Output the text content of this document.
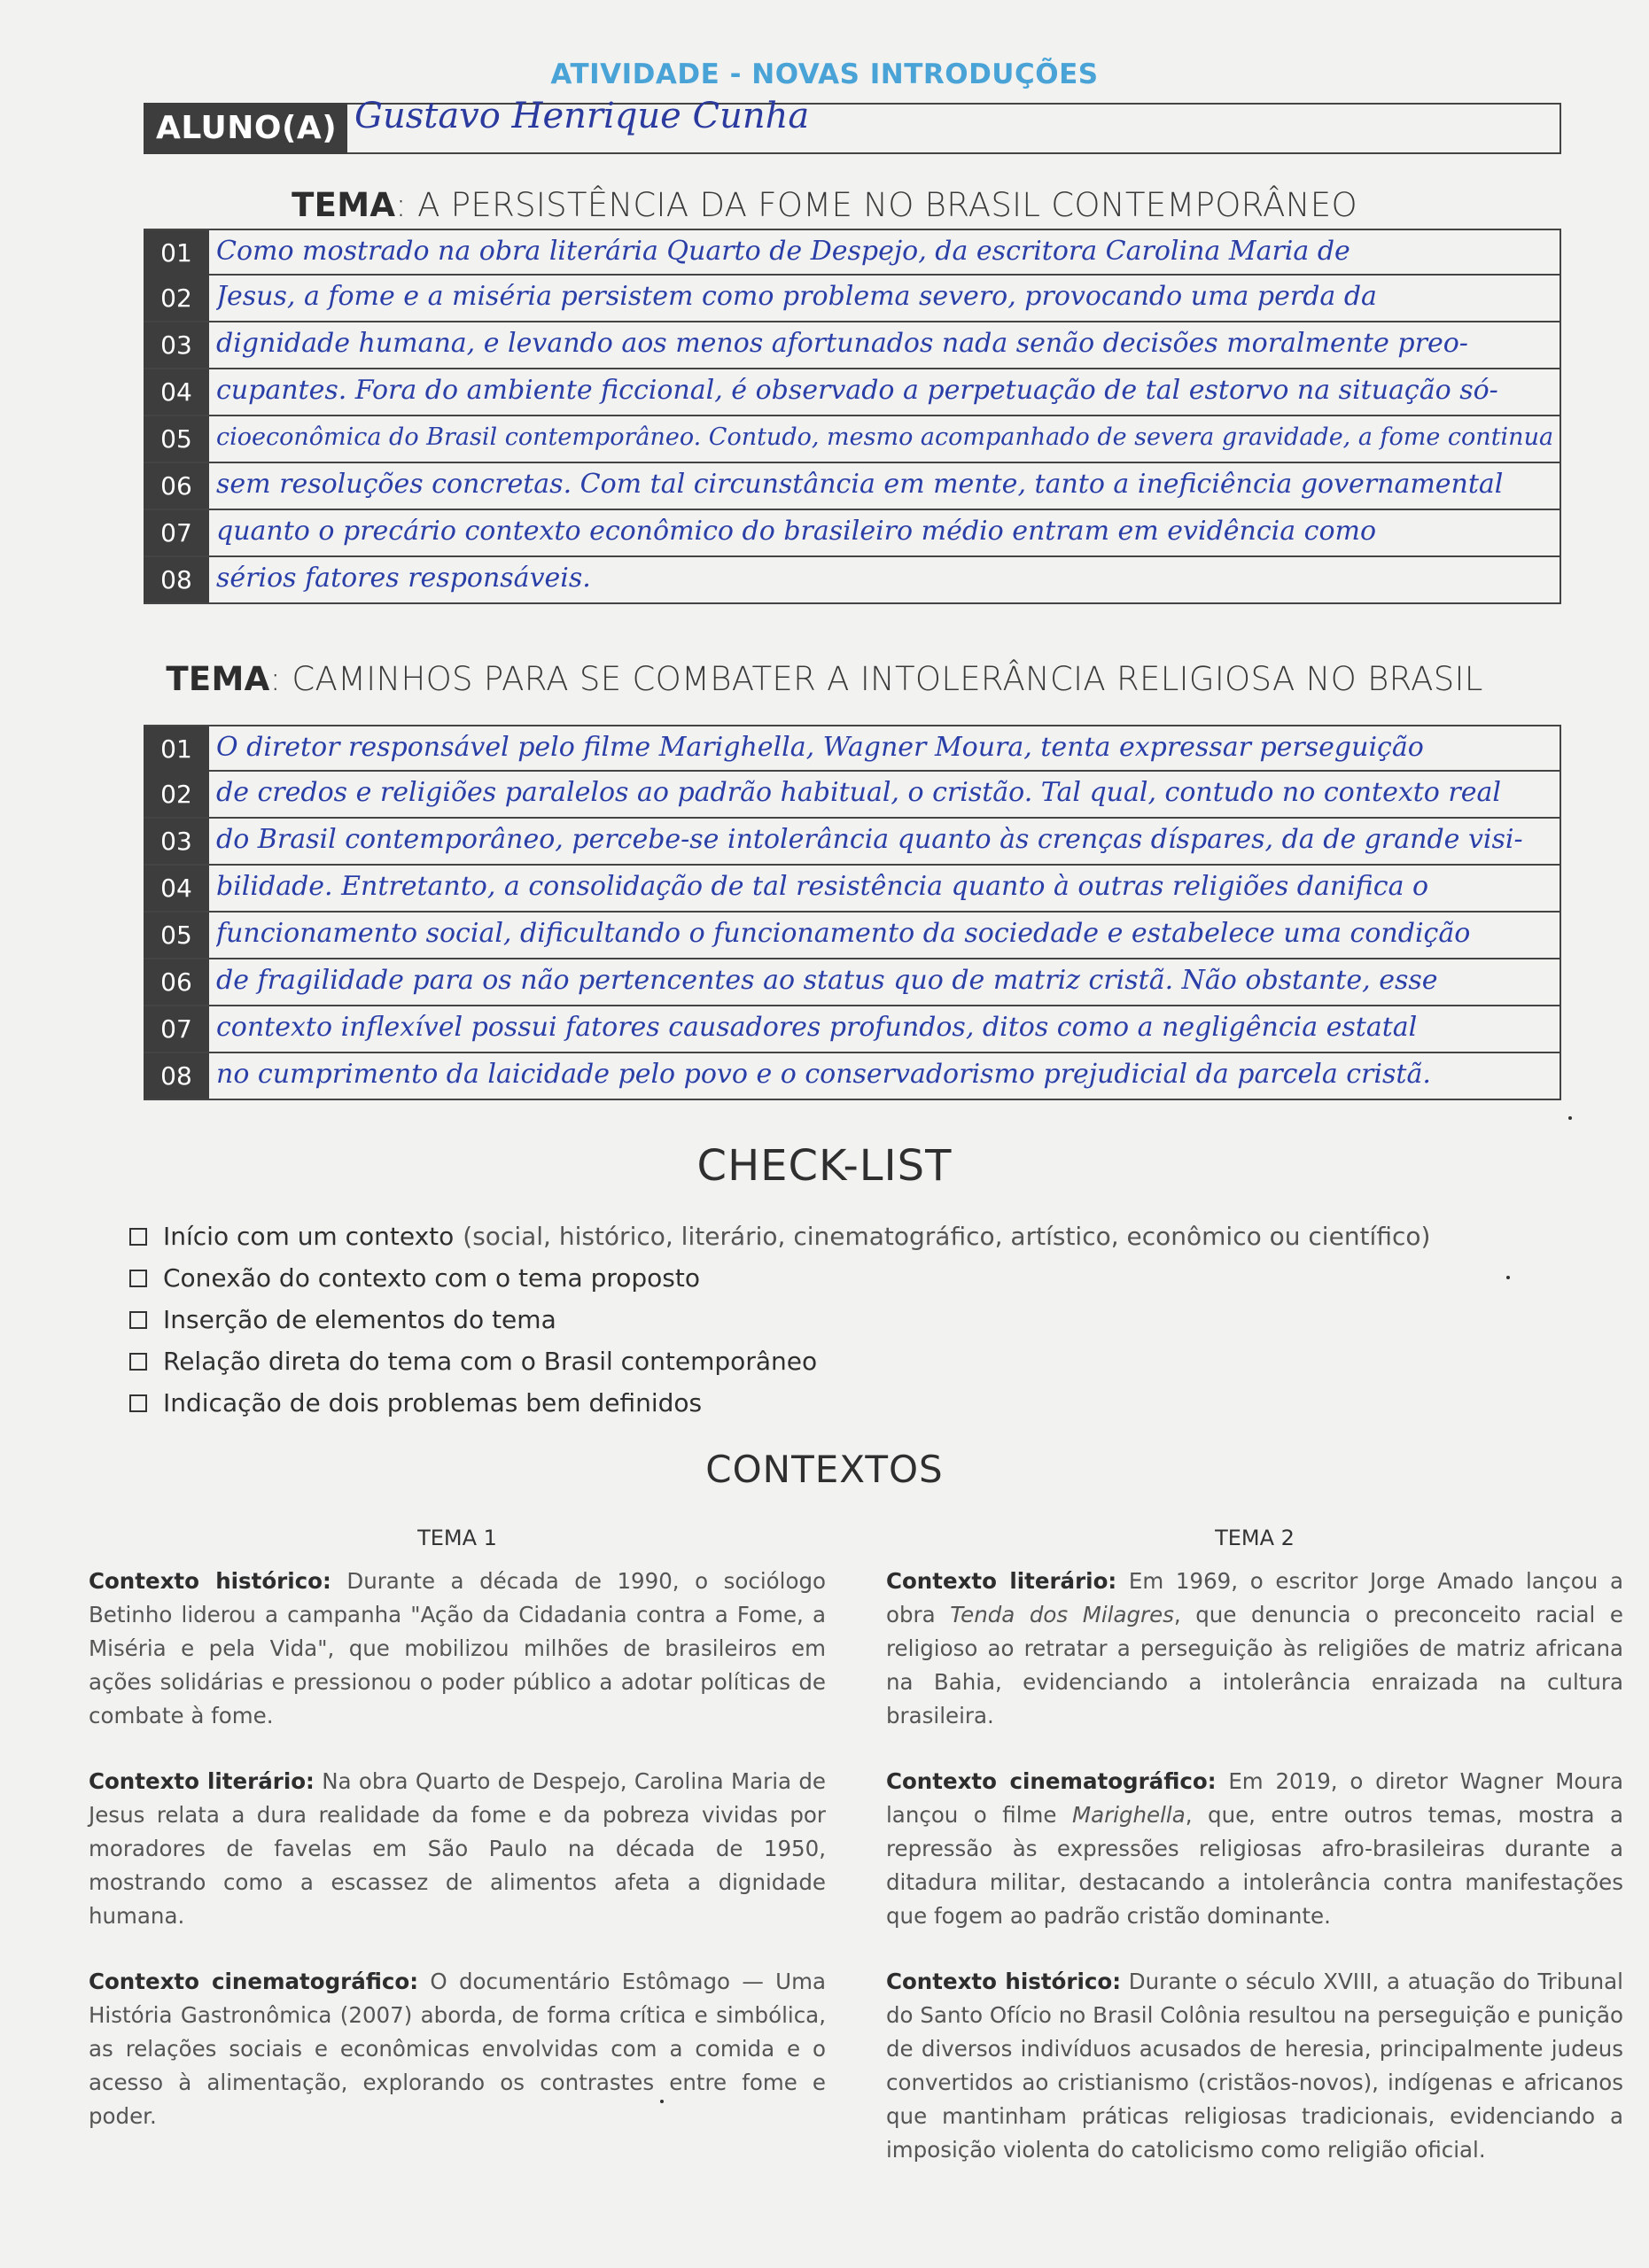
ATIVIDADE - NOVAS INTRODUÇÕES
ALUNO(A) Gustavo Henrique Cunha
TEMA: A PERSISTÊNCIA DA FOME NO BRASIL CONTEMPORÂNEO
01 Como mostrado na obra literária Quarto de Despejo, da escritora Carolina Maria de
02 Jesus, a fome e a miséria persistem como problema severo, provocando uma perda da
03 dignidade humana, e levando aos menos afortunados nada senão decisões moralmente preo-
04 cupantes. Fora do ambiente ficcional, é observado a perpetuação de tal estorvo na situação só-
05	cioeconômica do Brasil contemporâneo. Contudo, mesmo acompanhado de severa gravidade, a fome continua
06 sem resoluções concretas. Com tal circunstância em mente, tanto a ineficiência governamental
07 quanto o precário contexto econômico do brasileiro médio entram em evidência como
08 sérios fatores responsáveis.
TEMA: CAMINHOS PARA SE COMBATER A INTOLERÂNCIA RELIGIOSA NO BRASIL
01 O diretor responsável pelo filme Marighella, Wagner Moura, tenta expressar perseguição
02 de credos e religiões paralelos ao padrão habitual, o cristão. Tal qual, contudo no contexto real
03 do Brasil contemporâneo, percebe-se intolerância quanto às crenças díspares, da de grande visi-
04 bilidade. Entretanto, a consolidação de tal resistência quanto à outras religiões danifica o
05 funcionamento social, dificultando o funcionamento da sociedade e estabelece uma condição
06 de fragilidade para os não pertencentes ao status quo de matriz cristã. Não obstante, esse
07 contexto inflexível possui fatores causadores profundos, ditos como a negligência estatal
08 no cumprimento da laicidade pelo povo e o conservadorismo prejudicial da parcela cristã.
CHECK-LIST
Início com um contexto (social, histórico, literário, cinematográfico, artístico, econômico ou científico)
Conexão do contexto com o tema proposto
Inserção de elementos do tema
Relação direta do tema com o Brasil contemporâneo
Indicação de dois problemas bem definidos
CONTEXTOS
TEMA 1

Contexto histórico: Durante a década de 1990, o sociólogo Betinho liderou a campanha "Ação da Cidadania contra a Fome, a Miséria e pela Vida", que mobilizou milhões de brasileiros em ações solidárias e pressionou o poder público a adotar políticas de combate à fome.

Contexto literário: Na obra Quarto de Despejo, Carolina Maria de Jesus relata a dura realidade da fome e da pobreza vividas por moradores de favelas em São Paulo na década de 1950, mostrando como a escassez de alimentos afeta a dignidade humana.

Contexto cinematográfico: O documentário Estômago — Uma História Gastronômica (2007) aborda, de forma crítica e simbólica, as relações sociais e econômicas envolvidas com a comida e o acesso à alimentação, explorando os contrastes entre fome e poder.

TEMA 2

Contexto literário: Em 1969, o escritor Jorge Amado lançou a obra Tenda dos Milagres, que denuncia o preconceito racial e religioso ao retratar a perseguição às religiões de matriz africana na Bahia, evidenciando a intolerância enraizada na cultura brasileira.

Contexto cinematográfico: Em 2019, o diretor Wagner Moura lançou o filme Marighella, que, entre outros temas, mostra a repressão às expressões religiosas afro-brasileiras durante a ditadura militar, destacando a intolerância contra manifestações que fogem ao padrão cristão dominante.

Contexto histórico: Durante o século XVIII, a atuação do Tribunal do Santo Ofício no Brasil Colônia resultou na perseguição e punição de diversos indivíduos acusados de heresia, principalmente judeus convertidos ao cristianismo (cristãos-novos), indígenas e africanos que mantinham práticas religiosas tradicionais, evidenciando a imposição violenta do catolicismo como religião oficial.
